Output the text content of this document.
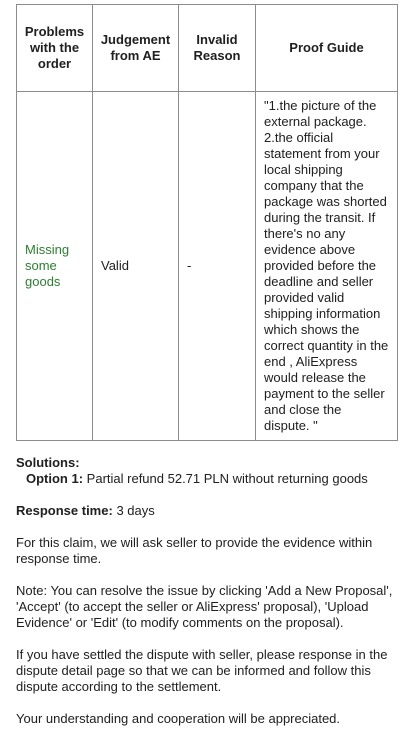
Problems with the order	Judgement from AE	Invalid Reason	Proof Guide
Missing some goods	Valid	-	"1.the picture of the external package. 2.the official statement from your local shipping company that the package was shorted during the transit. If there's no any evidence above provided before the deadline and seller provided valid shipping information which shows the correct quantity in the end , AliExpress would release the payment to the seller and close the dispute. "
Solutions:
Option 1: Partial refund 52.71 PLN without returning goods
Response time: 3 days

For this claim, we will ask seller to provide the evidence within response time.

Note: You can resolve the issue by clicking 'Add a New Proposal', 'Accept' (to accept the seller or AliExpress' proposal), 'Upload Evidence' or 'Edit' (to modify comments on the proposal).

If you have settled the dispute with seller, please response in the dispute detail page so that we can be informed and follow this dispute according to the settlement.

Your understanding and cooperation will be appreciated.
